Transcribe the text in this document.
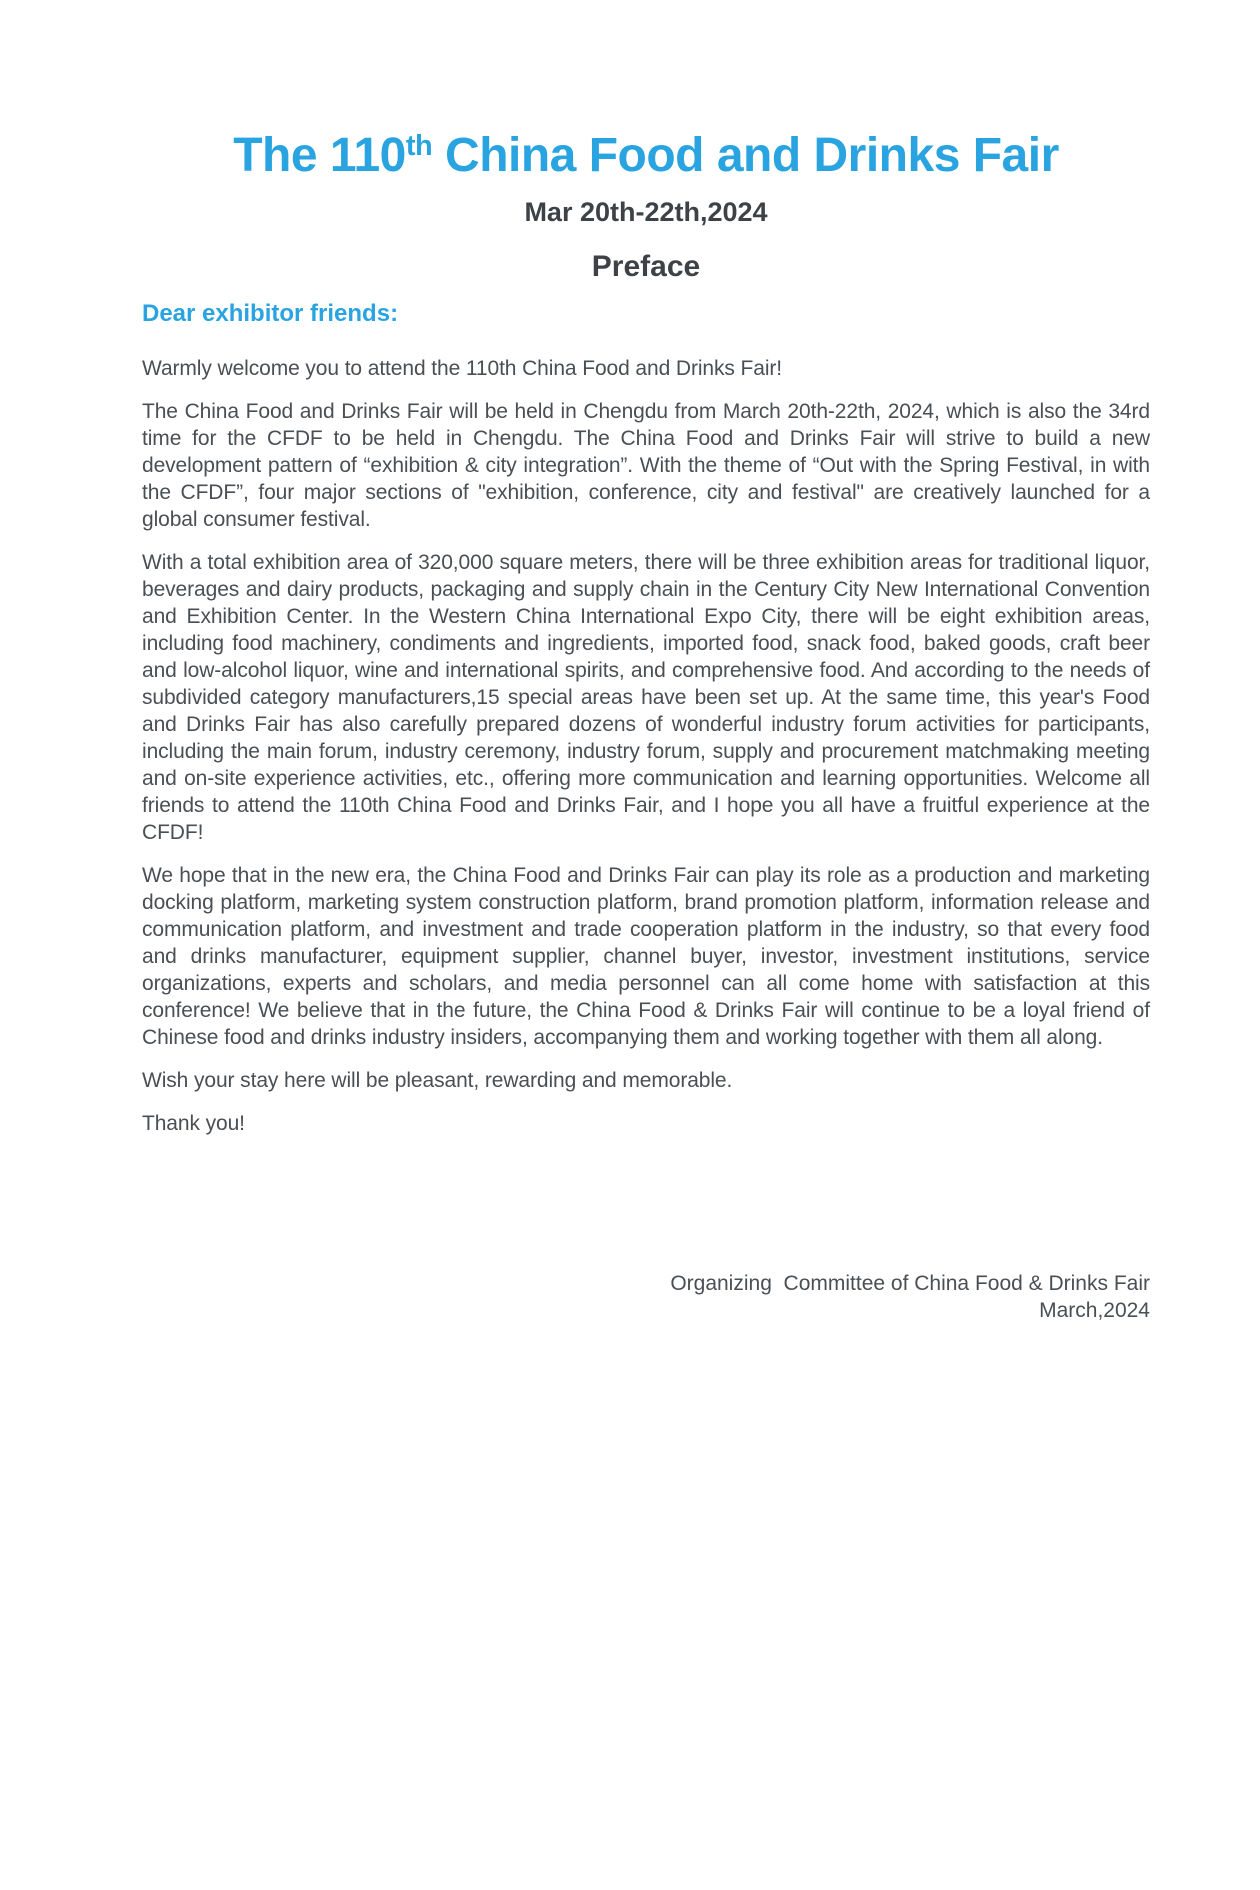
The 110th China Food and Drinks Fair

Mar 20th-22th,2024

Preface

Dear exhibitor friends:

Warmly welcome you to attend the 110th China Food and Drinks Fair!

The China Food and Drinks Fair will be held in Chengdu from March 20th-22th, 2024, which is also the 34rd time for the CFDF to be held in Chengdu. The China Food and Drinks Fair will strive to build a new development pattern of “exhibition & city integration”. With the theme of “Out with the Spring Festival, in with the CFDF”, four major sections of "exhibition, conference, city and festival" are creatively launched for a global consumer festival.

With a total exhibition area of 320,000 square meters, there will be three exhibition areas for traditional liquor, beverages and dairy products, packaging and supply chain in the Century City New International Convention and Exhibition Center. In the Western China International Expo City, there will be eight exhibition areas, including food machinery, condiments and ingredients, imported food, snack food, baked goods, craft beer and low-alcohol liquor, wine and international spirits, and comprehensive food. And according to the needs of subdivided category manufacturers,15 special areas have been set up. At the same time, this year's Food and Drinks Fair has also carefully prepared dozens of wonderful industry forum activities for participants, including the main forum, industry ceremony, industry forum, supply and procurement matchmaking meeting and on-site experience activities, etc., offering more communication and learning opportunities. Welcome all friends to attend the 110th China Food and Drinks Fair, and I hope you all have a fruitful experience at the CFDF!

We hope that in the new era, the China Food and Drinks Fair can play its role as a production and marketing docking platform, marketing system construction platform, brand promotion platform, information release and communication platform, and investment and trade cooperation platform in the industry, so that every food and drinks manufacturer, equipment supplier, channel buyer, investor, investment institutions, service organizations, experts and scholars, and media personnel can all come home with satisfaction at this conference! We believe that in the future, the China Food & Drinks Fair will continue to be a loyal friend of Chinese food and drinks industry insiders, accompanying them and working together with them all along.

Wish your stay here will be pleasant, rewarding and memorable.

Thank you!

Organizing  Committee of China Food & Drinks Fair
March,2024
